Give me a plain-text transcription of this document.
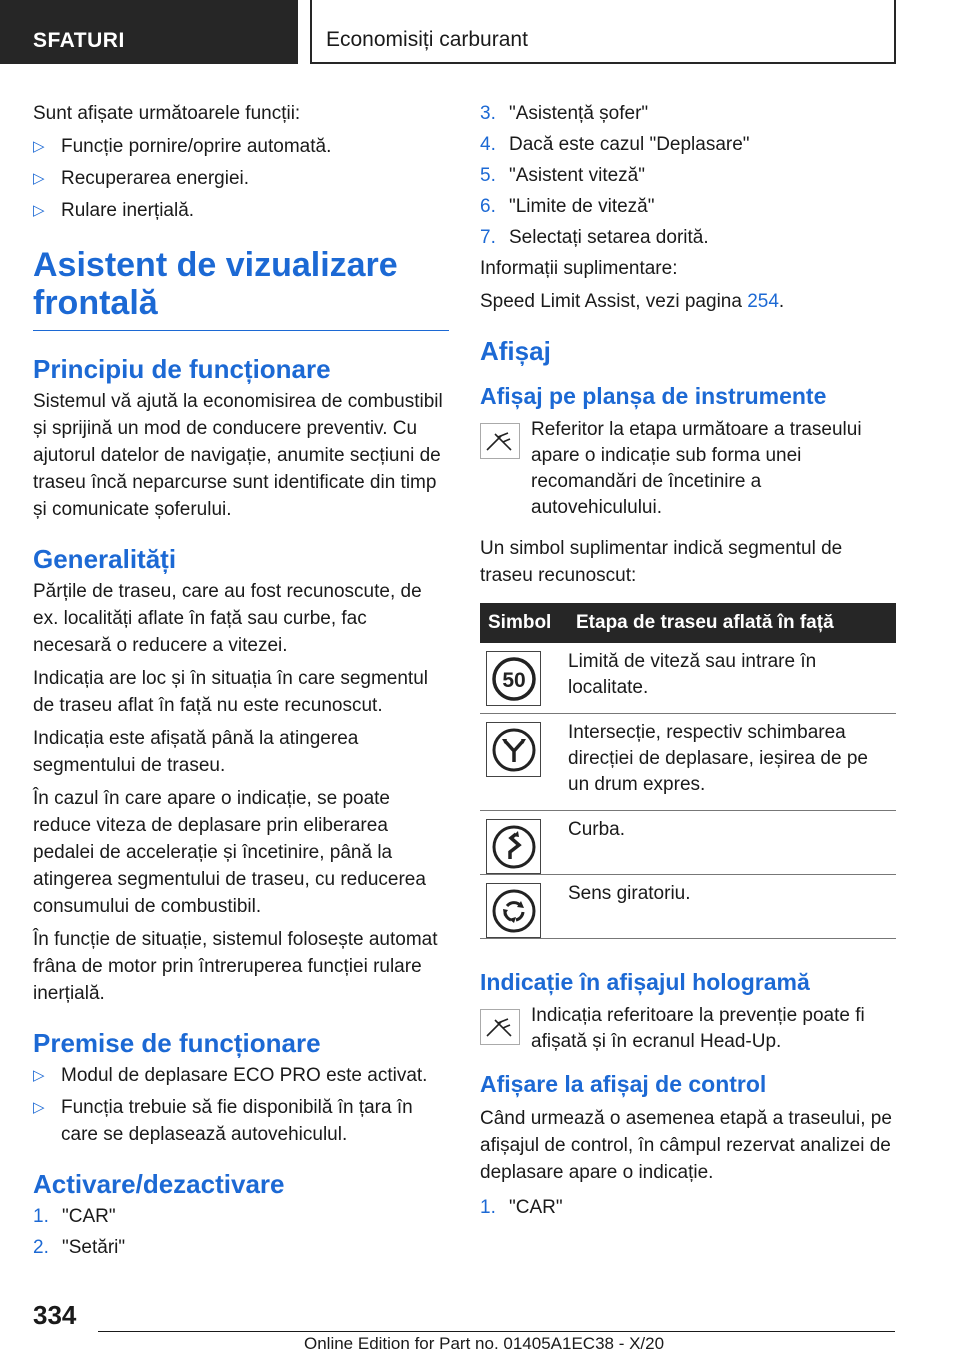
SFATURI	Economisiți carburant

Sunt afișate următoarele funcții:

▷ Funcție pornire/oprire automată.
▷ Recuperarea energiei.
▷ Rulare inerțială.
Asistent de vizualizare frontală
Principiu de funcționare

Sistemul vă ajută la economisirea de combustibil și sprijină un mod de conducere preventiv. Cu ajutorul datelor de navigație, anumite secțiuni de traseu încă neparcurse sunt identificate din timp și comunicate șoferului.

Generalități

Părțile de traseu, care au fost recunoscute, de ex. localități aflate în față sau curbe, fac necesară o reducere a vitezei.

Indicația are loc și în situația în care segmentul de traseu aflat în față nu este recunoscut.

Indicația este afișată până la atingerea segmentului de traseu.

În cazul în care apare o indicație, se poate reduce viteza de deplasare prin eliberarea pedalei de accelerație și încetinire, până la atingerea segmentului de traseu, cu reducerea consumului de combustibil.

În funcție de situație, sistemul folosește automat frâna de motor prin întreruperea funcției rulare inerțială.

Premise de funcționare
▷ Modul de deplasare ECO PRO este activat.
▷ Funcția trebuie să fie disponibilă în țara în care se deplasează autovehiculul.
Activare/dezactivare
1. "CAR"
2. "Setări"
3. "Asistență șofer"
4. Dacă este cazul "Deplasare"
5. "Asistent viteză"
6. "Limite de viteză"
7. Selectați setarea dorită.

Informații suplimentare:

Speed Limit Assist, vezi pagina 254.

Afișaj
Afișaj pe planșa de instrumente
Referitor la etapa următoare a traseului apare o indicație sub forma unei recomandări de încetinire a autovehiculului.

Un simbol suplimentar indică segmentul de traseu recunoscut:

Simbol	Etapa de traseu aflată în față

50	Limită de viteză sau intrare în localitate.

	Intersecție, respectiv schimbarea direcției de deplasare, ieșirea de pe un drum expres.

	Curba.

	Sens giratoriu.
Indicație în afișajul hologramă
Indicația referitoare la prevenție poate fi afișată și în ecranul Head-Up.
Afișare la afișaj de control

Când urmează o asemenea etapă a traseului, pe afișajul de control, în câmpul rezervat analizei de deplasare apare o indicație.

1. "CAR"
334
Online Edition for Part no. 01405A1EC38 - X/20
